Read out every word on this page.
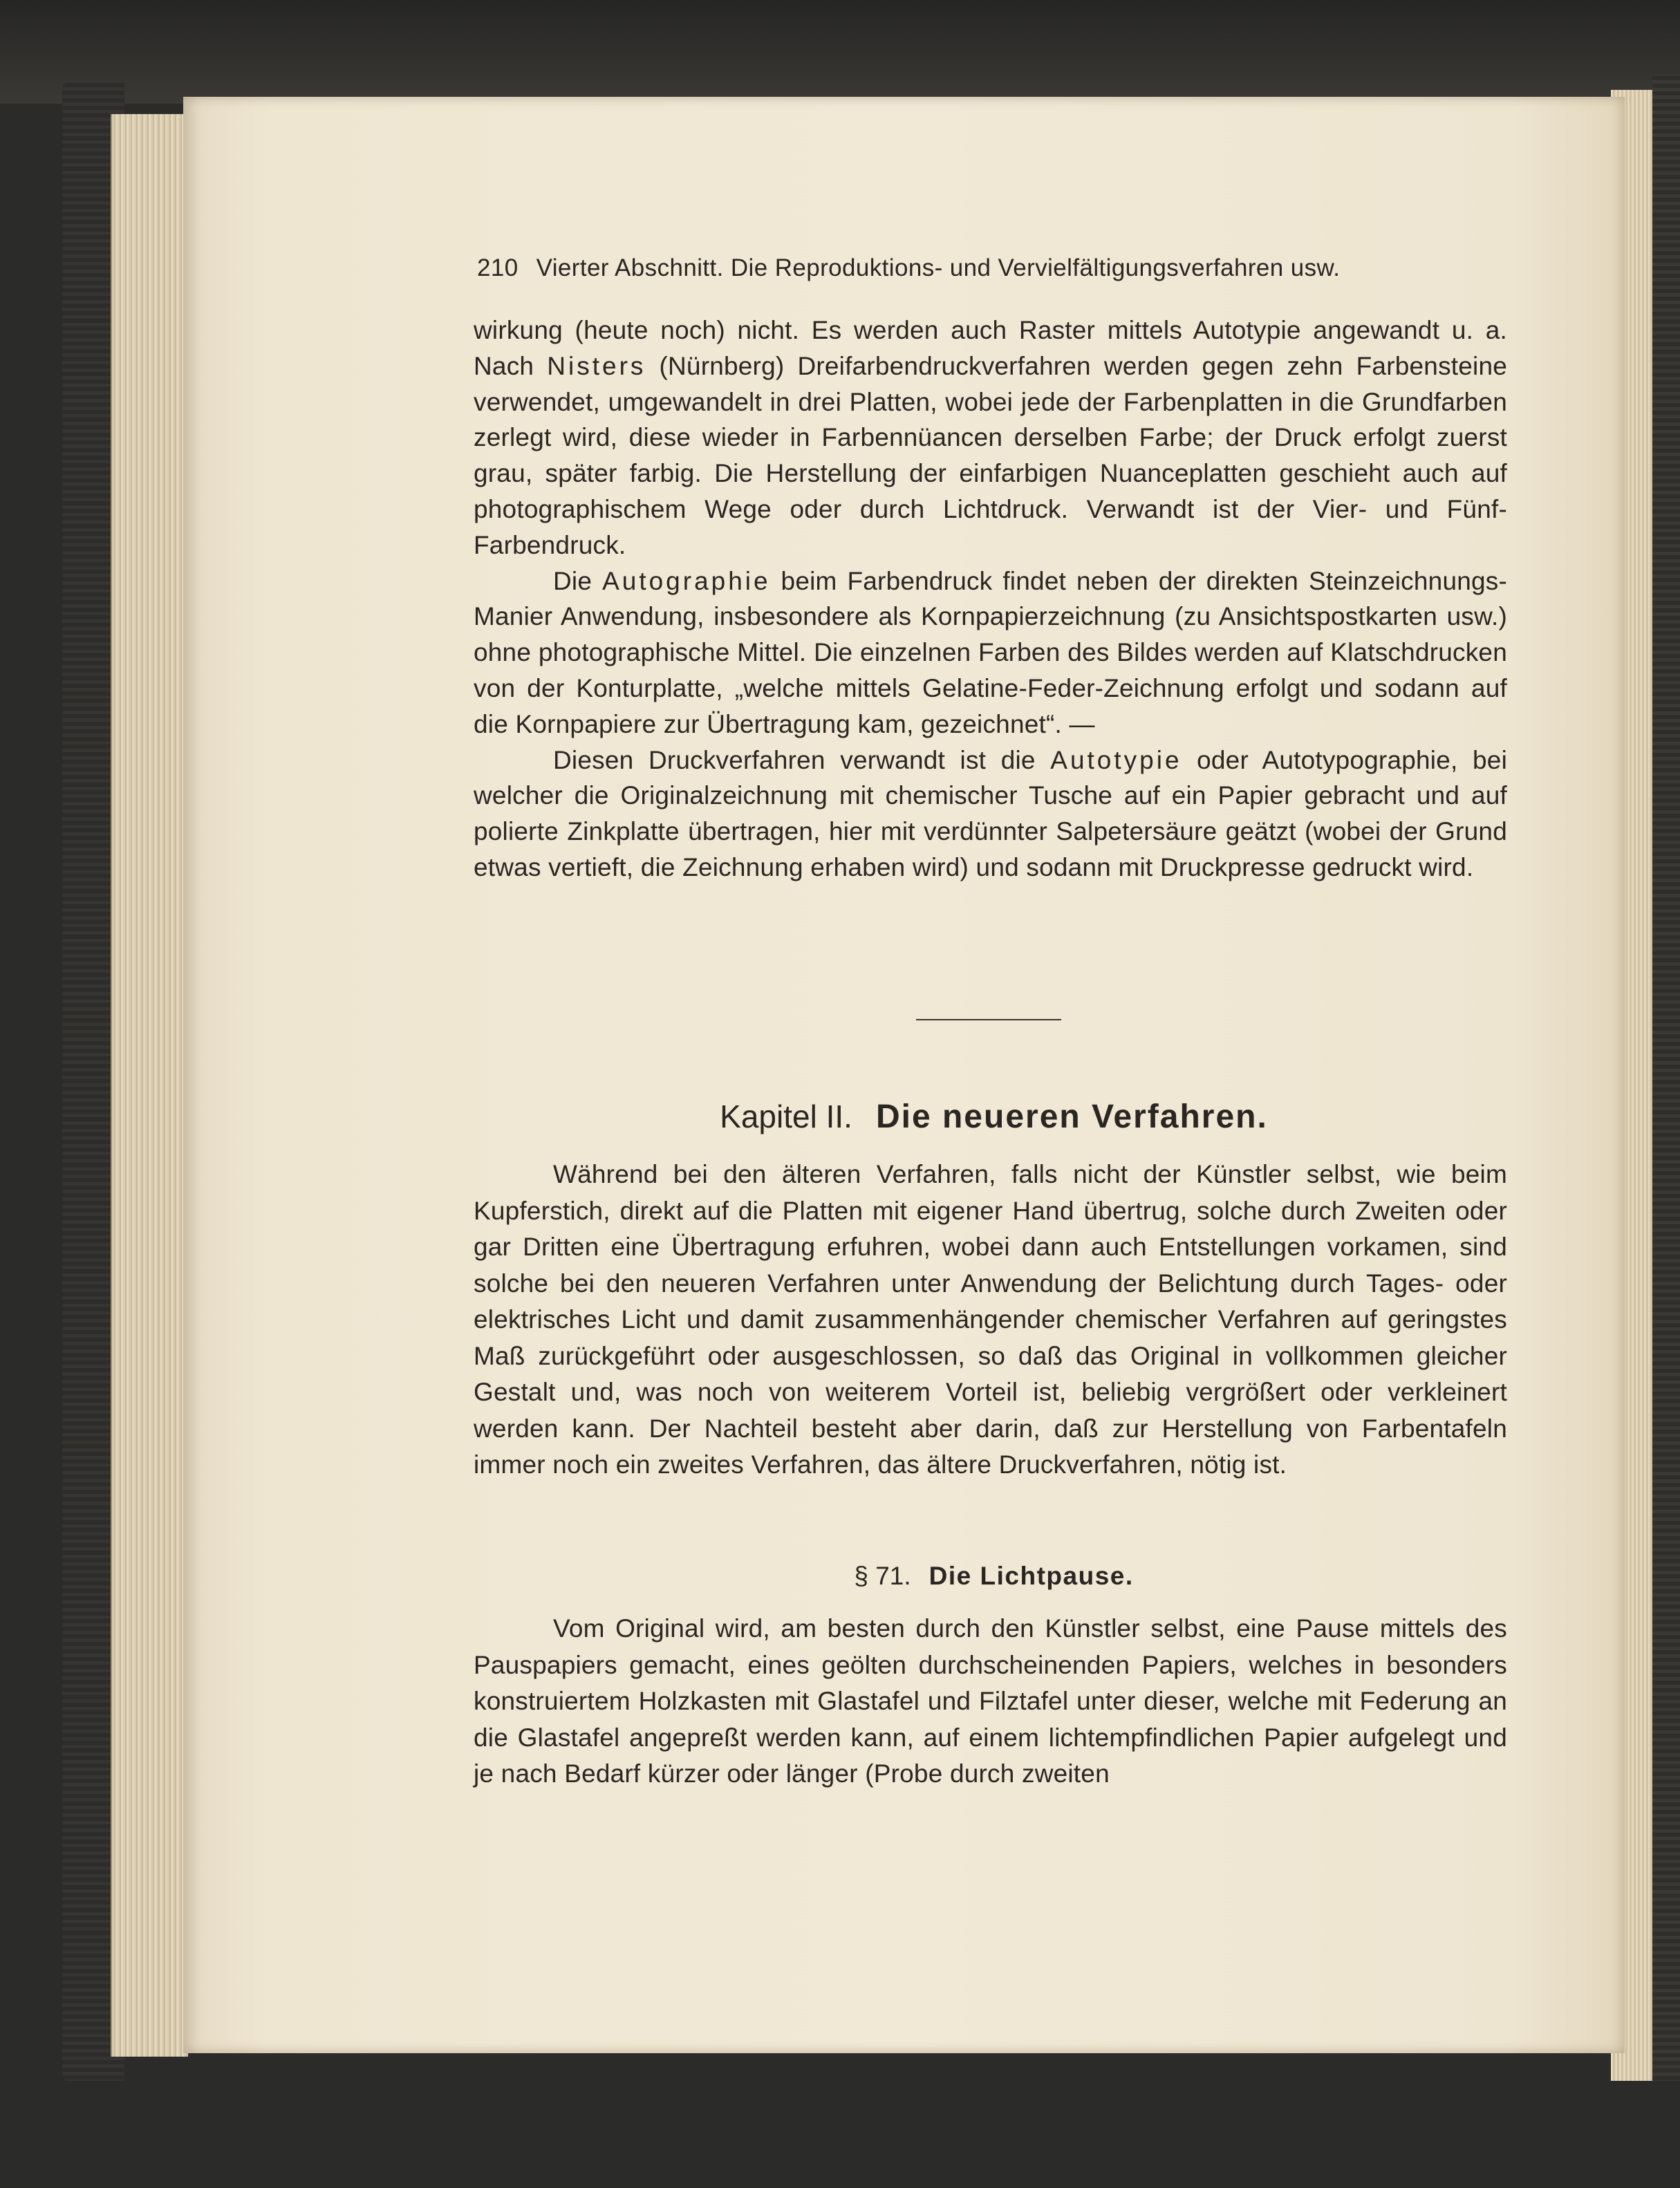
210 Vierter Abschnitt. Die Reproduktions- und Vervielfältigungsverfahren usw.

wirkung (heute noch) nicht. Es werden auch Raster mittels Autotypie angewandt u. a. Nach Nisters (Nürnberg) Dreifarbendruckverfahren werden gegen zehn Farbensteine verwendet, umgewandelt in drei Platten, wobei jede der Farbenplatten in die Grundfarben zerlegt wird, diese wieder in Farbennüancen derselben Farbe; der Druck erfolgt zuerst grau, später farbig. Die Herstellung der einfarbigen Nuanceplatten geschieht auch auf photographischem Wege oder durch Lichtdruck. Verwandt ist der Vier- und Fünf-Farbendruck.

Die Autographie beim Farbendruck findet neben der direkten Steinzeichnungs-Manier Anwendung, insbesondere als Kornpapierzeichnung (zu Ansichtspostkarten usw.) ohne photographische Mittel. Die einzelnen Farben des Bildes werden auf Klatschdrucken von der Konturplatte, „welche mittels Gelatine-Feder-Zeichnung erfolgt und sodann auf die Kornpapiere zur Übertragung kam, gezeichnet“. —

Diesen Druckverfahren verwandt ist die Autotypie oder Autotypographie, bei welcher die Originalzeichnung mit chemischer Tusche auf ein Papier gebracht und auf polierte Zinkplatte übertragen, hier mit verdünnter Salpetersäure geätzt (wobei der Grund etwas vertieft, die Zeichnung erhaben wird) und sodann mit Druckpresse gedruckt wird.

Kapitel II. Die neueren Verfahren.

Während bei den älteren Verfahren, falls nicht der Künstler selbst, wie beim Kupferstich, direkt auf die Platten mit eigener Hand übertrug, solche durch Zweiten oder gar Dritten eine Übertragung erfuhren, wobei dann auch Entstellungen vorkamen, sind solche bei den neueren Verfahren unter Anwendung der Belichtung durch Tages- oder elektrisches Licht und damit zusammenhängender chemischer Verfahren auf geringstes Maß zurückgeführt oder ausgeschlossen, so daß das Original in vollkommen gleicher Gestalt und, was noch von weiterem Vorteil ist, beliebig vergrößert oder verkleinert werden kann. Der Nachteil besteht aber darin, daß zur Herstellung von Farbentafeln immer noch ein zweites Verfahren, das ältere Druckverfahren, nötig ist.

§ 71. Die Lichtpause.

Vom Original wird, am besten durch den Künstler selbst, eine Pause mittels des Pauspapiers gemacht, eines geölten durchscheinenden Papiers, welches in besonders konstruiertem Holzkasten mit Glastafel und Filztafel unter dieser, welche mit Federung an die Glastafel angepreßt werden kann, auf einem lichtempfindlichen Papier aufgelegt und je nach Bedarf kürzer oder länger (Probe durch zweiten
